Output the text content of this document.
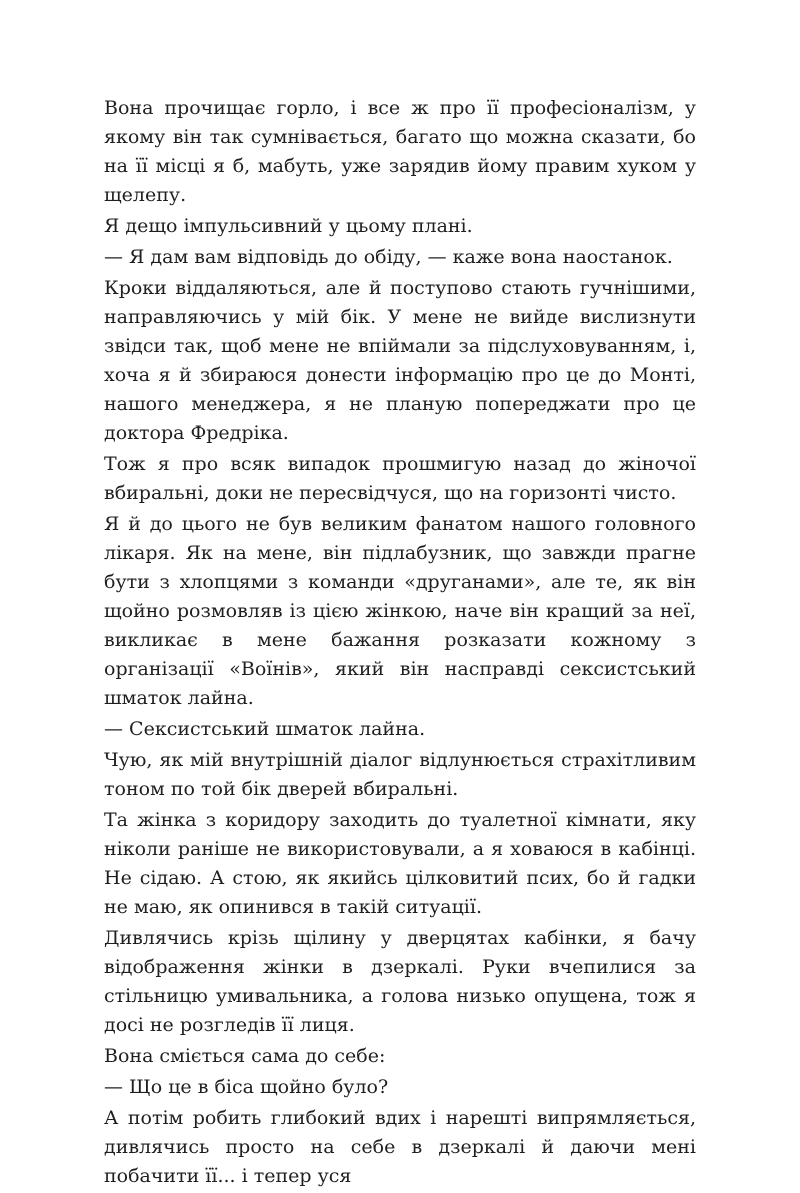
Вона прочищає горло, і все ж про її професіоналізм, у якому він так сумнівається, багато що можна сказати, бо на її місці я б, мабуть, уже зарядив йому правим хуком у щелепу.

Я дещо імпульсивний у цьому плані.

— Я дам вам відповідь до обіду, — каже вона наостанок.

Кроки віддаляються, але й поступово стають гучнішими, направляючись у мій бік. У мене не вийде вислизнути звідси так, щоб мене не впіймали за підслуховуванням, і, хоча я й збираюся донести інформацію про це до Монті, нашого менеджера, я не планую попереджати про це доктора Фредріка.

Тож я про всяк випадок прошмигую назад до жіночої вбиральні, доки не пересвідчуся, що на горизонті чисто.

Я й до цього не був великим фанатом нашого головного лікаря. Як на мене, він підлабузник, що завжди прагне бути з хлопцями з команди «друганами», але те, як він щойно розмовляв із цією жінкою, наче він кращий за неї, викликає в мене бажання розказати кожному з організації «Воїнів», який він насправді сексистський шматок лайна.

— Сексистський шматок лайна.

Чую, як мій внутрішній діалог відлунюється страхітливим тоном по той бік дверей вбиральні.

Та жінка з коридору заходить до туалетної кімнати, яку ніколи раніше не використовували, а я ховаюся в кабінці. Не сідаю. А стою, як якийсь цілковитий псих, бо й гадки не маю, як опинився в такій ситуації.

Дивлячись крізь щілину у дверцятах кабінки, я бачу відображення жінки в дзеркалі. Руки вчепилися за стільницю умивальника, а голова низько опущена, тож я досі не розгледів її лиця.

Вона сміється сама до себе:

— Що це в біса щойно було?

А потім робить глибокий вдих і нарешті випрямляється, дивлячись просто на себе в дзеркалі й даючи мені побачити її... і тепер уся
